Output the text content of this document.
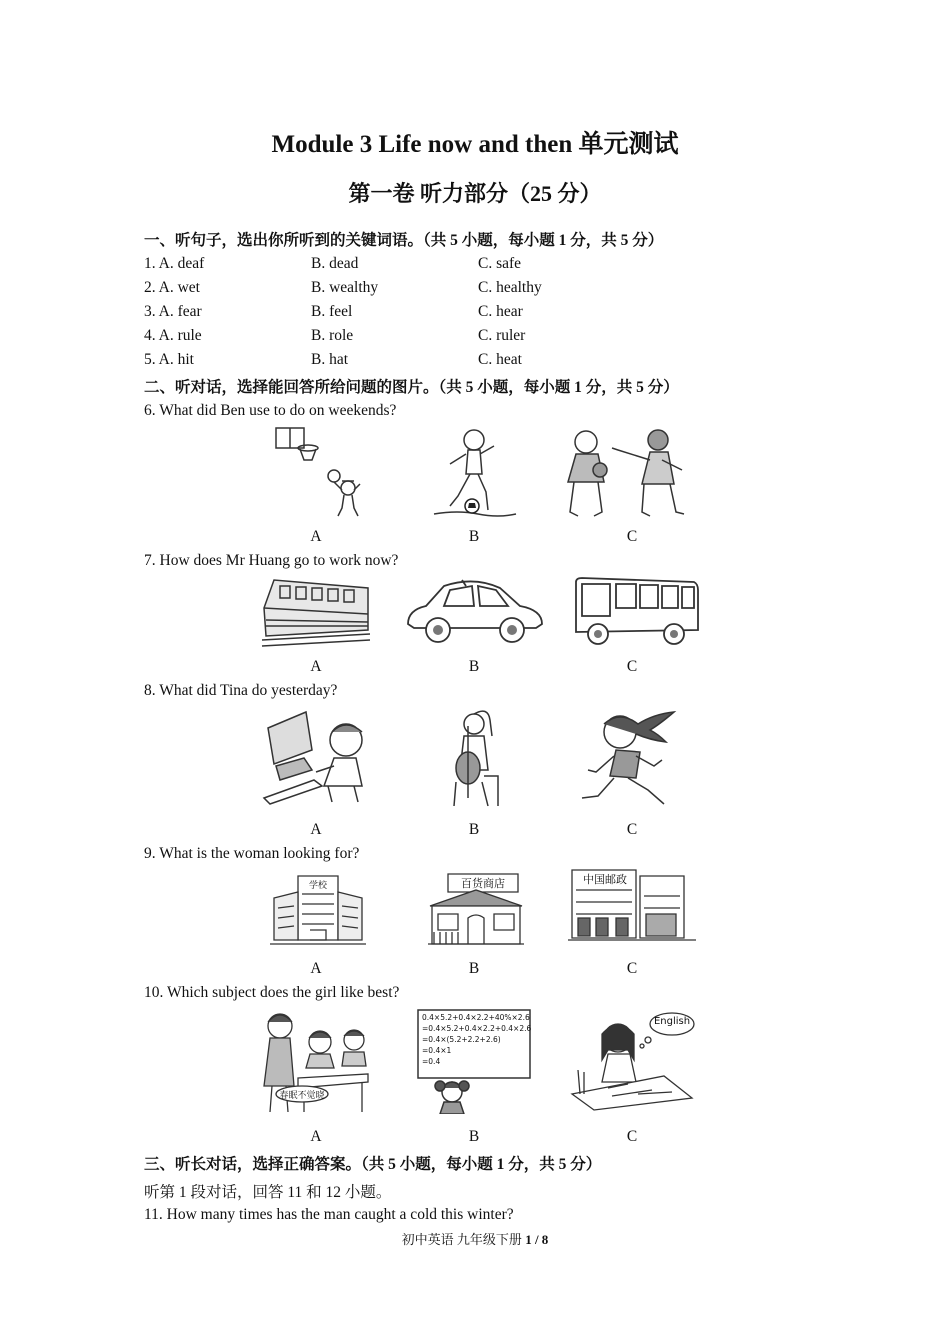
Module 3 Life now and then 单元测试
第一卷 听力部分（25 分）
一、听句子，选出你所听到的关键词语。（共 5 小题，每小题 1 分，共 5 分）
1. A. deaf	B. dead	C. safe
2. A. wet	B. wealthy	C. healthy
3. A. fear	B. feel	C. hear
4. A. rule	B. role	C. ruler
5. A. hit	B. hat	C. heat
二、听对话，选择能回答所给问题的图片。（共 5 小题，每小题 1 分，共 5 分）
6. What did Ben use to do on weekends?
A	B	C
7. How does Mr Huang go to work now?
A	B	C
8. What did Tina do yesterday?
A	B	C
9. What is the woman looking for?
学校	百货商店	中国邮政
A	B	C
10. Which subject does the girl like best?
春眠不觉晓
0.4×5.2+0.4×2.2+40%×2.6
=0.4×5.2+0.4×2.2+0.4×2.6
=0.4×(5.2+2.2+2.6)
=0.4×1
=0.4
English
A	B	C
三、听长对话，选择正确答案。（共 5 小题，每小题 1 分，共 5 分）
听第 1 段对话，回答 11 和 12 小题。
11. How many times has the man caught a cold this winter?
初中英语 九年级下册 1 / 8
